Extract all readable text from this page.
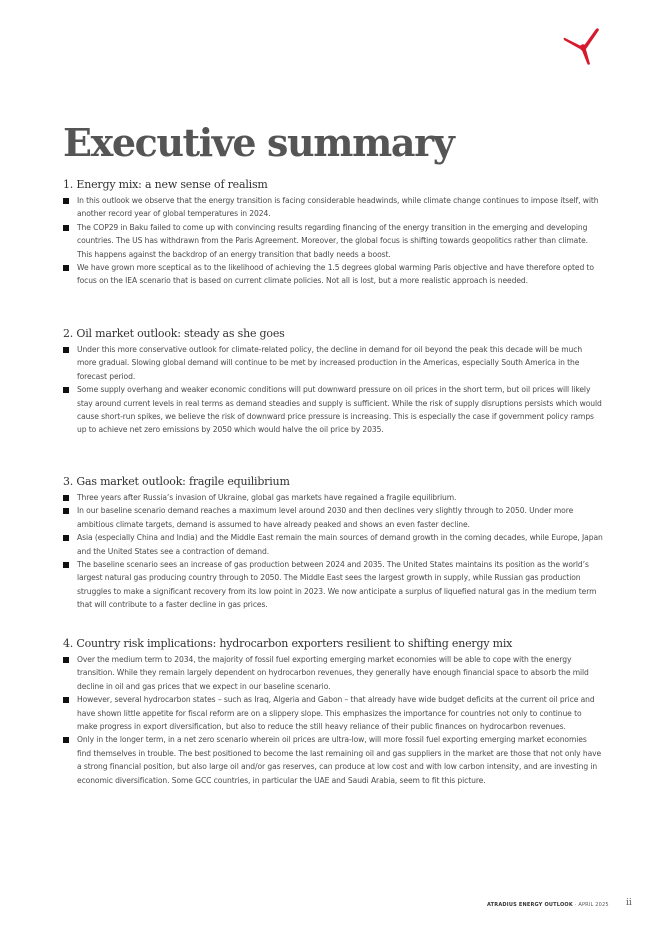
Executive summary
1. Energy mix: a new sense of realism
In this outlook we observe that the energy transition is facing considerable headwinds, while climate change continues to impose itself, with another record year of global temperatures in 2024.
The COP29 in Baku failed to come up with convincing results regarding financing of the energy transition in the emerging and developing countries. The US has withdrawn from the Paris Agreement. Moreover, the global focus is shifting towards geopolitics rather than climate. This happens against the backdrop of an energy transition that badly needs a boost.
We have grown more sceptical as to the likelihood of achieving the 1.5 degrees global warming Paris objective and have therefore opted to focus on the IEA scenario that is based on current climate policies. Not all is lost, but a more realistic approach is needed.
2. Oil market outlook: steady as she goes
Under this more conservative outlook for climate-related policy, the decline in demand for oil beyond the peak this decade will be much more gradual. Slowing global demand will continue to be met by increased production in the Americas, especially South America in the forecast period.
Some supply overhang and weaker economic conditions will put downward pressure on oil prices in the short term, but oil prices will likely stay around current levels in real terms as demand steadies and supply is sufficient. While the risk of supply disruptions persists which would cause short-run spikes, we believe the risk of downward price pressure is increasing. This is especially the case if government policy ramps up to achieve net zero emissions by 2050 which would halve the oil price by 2035.
3. Gas market outlook: fragile equilibrium
Three years after Russia’s invasion of Ukraine, global gas markets have regained a fragile equilibrium.
In our baseline scenario demand reaches a maximum level around 2030 and then declines very slightly through to 2050. Under more ambitious climate targets, demand is assumed to have already peaked and shows an even faster decline.
Asia (especially China and India) and the Middle East remain the main sources of demand growth in the coming decades, while Europe, Japan and the United States see a contraction of demand.
The baseline scenario sees an increase of gas production between 2024 and 2035. The United States maintains its position as the world’s largest natural gas producing country through to 2050. The Middle East sees the largest growth in supply, while Russian gas production struggles to make a significant recovery from its low point in 2023. We now anticipate a surplus of liquefied natural gas in the medium term that will contribute to a faster decline in gas prices.
4. Country risk implications: hydrocarbon exporters resilient to shifting energy mix
Over the medium term to 2034, the majority of fossil fuel exporting emerging market economies will be able to cope with the energy transition. While they remain largely dependent on hydrocarbon revenues, they generally have enough financial space to absorb the mild decline in oil and gas prices that we expect in our baseline scenario.
However, several hydrocarbon states – such as Iraq, Algeria and Gabon – that already have wide budget deficits at the current oil price and have shown little appetite for fiscal reform are on a slippery slope. This emphasizes the importance for countries not only to continue to make progress in export diversification, but also to reduce the still heavy reliance of their public finances on hydrocarbon revenues.
Only in the longer term, in a net zero scenario wherein oil prices are ultra-low, will more fossil fuel exporting emerging market economies find themselves in trouble. The best positioned to become the last remaining oil and gas suppliers in the market are those that not only have a strong financial position, but also large oil and/or gas reserves, can produce at low cost and with low carbon intensity, and are investing in economic diversification. Some GCC countries, in particular the UAE and Saudi Arabia, seem to fit this picture.
ATRADIUS ENERGY OUTLOOK · APRIL 2025 ii
